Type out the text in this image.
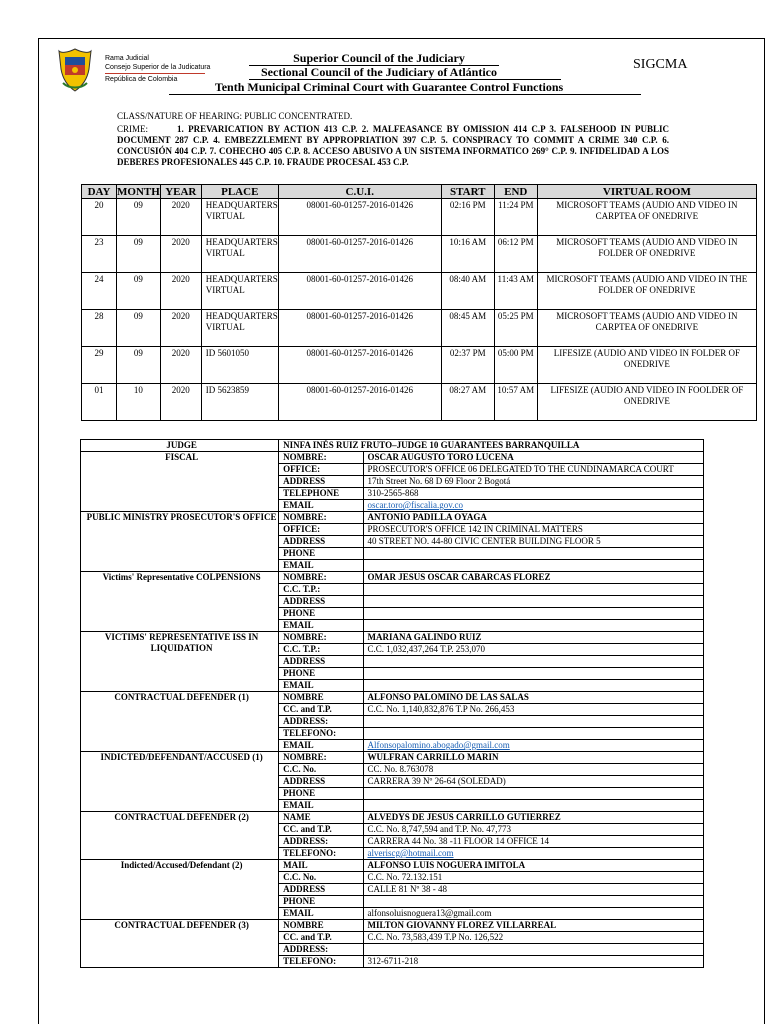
Rama Judicial
Consejo Superior de la Judicatura
República de Colombia
Superior Council of the Judiciary
Sectional Council of the Judiciary of Atlántico
Tenth Municipal Criminal Court with Guarantee Control Functions
SIGCMA
CLASS/NATURE OF HEARING: PUBLIC CONCENTRATED.
CRIME:	1. PREVARICATION BY ACTION 413 C.P. 2. MALFEASANCE BY OMISSION 414 C.P 3. FALSEHOOD IN PUBLIC DOCUMENT 287 C.P. 4. EMBEZZLEMENT BY APPROPRIATION 397 C.P. 5. CONSPIRACY TO COMMIT A CRIME 340 C.P. 6. CONCUSIÓN 404 C.P. 7. COHECHO 405 C.P. 8. ACCESO ABUSIVO A UN SISTEMA INFORMATICO 269° C.P. 9. INFIDELIDAD A LOS DEBERES PROFESIONALES 445 C.P. 10. FRAUDE PROCESAL 453 C.P.
DAY	MONTH	YEAR	PLACE	C.U.I.	START	END	VIRTUAL ROOM
20	09	2020	HEADQUARTERS VIRTUAL	08001-60-01257-2016-01426	02:16 PM	11:24 PM	MICROSOFT TEAMS (AUDIO AND VIDEO IN CARPTEA OF ONEDRIVE
23	09	2020	HEADQUARTERS VIRTUAL	08001-60-01257-2016-01426	10:16 AM	06:12 PM	MICROSOFT TEAMS (AUDIO AND VIDEO IN FOLDER OF ONEDRIVE
24	09	2020	HEADQUARTERS VIRTUAL	08001-60-01257-2016-01426	08:40 AM	11:43 AM	MICROSOFT TEAMS (AUDIO AND VIDEO IN THE FOLDER OF ONEDRIVE
28	09	2020	HEADQUARTERS VIRTUAL	08001-60-01257-2016-01426	08:45 AM	05:25 PM	MICROSOFT TEAMS (AUDIO AND VIDEO IN CARPTEA OF ONEDRIVE
29	09	2020	ID 5601050	08001-60-01257-2016-01426	02:37 PM	05:00 PM	LIFESIZE (AUDIO AND VIDEO IN FOLDER OF ONEDRIVE
01	10	2020	ID 5623859	08001-60-01257-2016-01426	08:27 AM	10:57 AM	LIFESIZE (AUDIO AND VIDEO IN FOOLDER OF ONEDRIVE
JUDGE	NINFA INÉS RUIZ FRUTO–JUDGE 10 GUARANTEES BARRANQUILLA	
FISCAL	NOMBRE:	OSCAR AUGUSTO TORO LUCENA
	OFFICE:	PROSECUTOR'S OFFICE 06 DELEGATED TO THE CUNDINAMARCA COURT
	ADDRESS	17th Street No. 68 D 69 Floor 2 Bogotá
	TELEPHONE	310-2565-868
	EMAIL	oscar.toro@fiscalia.gov.co
PUBLIC MINISTRY PROSECUTOR'S OFFICE	NOMBRE:	ANTONIO PADILLA OYAGA
	OFFICE:	PROSECUTOR'S OFFICE 142 IN CRIMINAL MATTERS
	ADDRESS	40 STREET NO. 44-80 CIVIC CENTER BUILDING FLOOR 5
	PHONE	
	EMAIL	
Victims' Representative COLPENSIONS	NOMBRE:	OMAR JESUS OSCAR CABARCAS FLOREZ
	C.C. T.P.:	
	ADDRESS	
	PHONE	
	EMAIL	
VICTIMS' REPRESENTATIVE ISS IN LIQUIDATION	NOMBRE:	MARIANA GALINDO RUIZ
	C.C. T.P.:	C.C. 1,032,437,264 T.P. 253,070
	ADDRESS	
	PHONE	
	EMAIL	
CONTRACTUAL DEFENDER (1)	NOMBRE	ALFONSO PALOMINO DE LAS SALAS
	CC. and T.P.	C.C. No. 1,140,832,876 T.P No. 266,453
	ADDRESS:	
	TELEFONO:	
	EMAIL	Alfonsopalomino.abogado@gmail.com
INDICTED/DEFENDANT/ACCUSED (1)	NOMBRE:	WULFRAN CARRILLO MARIN
	C.C. No.	CC. No. 8.763078
	ADDRESS	CARRERA 39 Nº 26-64 (SOLEDAD)
	PHONE	
	EMAIL	
CONTRACTUAL DEFENDER (2)	NAME	ALVEDYS DE JESUS CARRILLO GUTIERREZ
	CC. and T.P.	C.C. No. 8,747,594 and T.P. No. 47,773
	ADDRESS:	CARRERA 44 No. 38 -11 FLOOR 14 OFFICE 14
	TELEFONO:	alveriscg@hotmail.com
Indicted/Accused/Defendant (2)	MAIL	ALFONSO LUIS NOGUERA IMITOLA
	C.C. No.	C.C. No. 72.132.151
	ADDRESS	CALLE 81 Nº 38 - 48
	PHONE	
	EMAIL	alfonsoluisnoguera13@gmail.com
CONTRACTUAL DEFENDER (3)	NOMBRE	MILTON GIOVANNY FLOREZ VILLARREAL
	CC. and T.P.	C.C. No. 73,583,439 T.P No. 126,522
	ADDRESS:	
	TELEFONO:	312-6711-218
